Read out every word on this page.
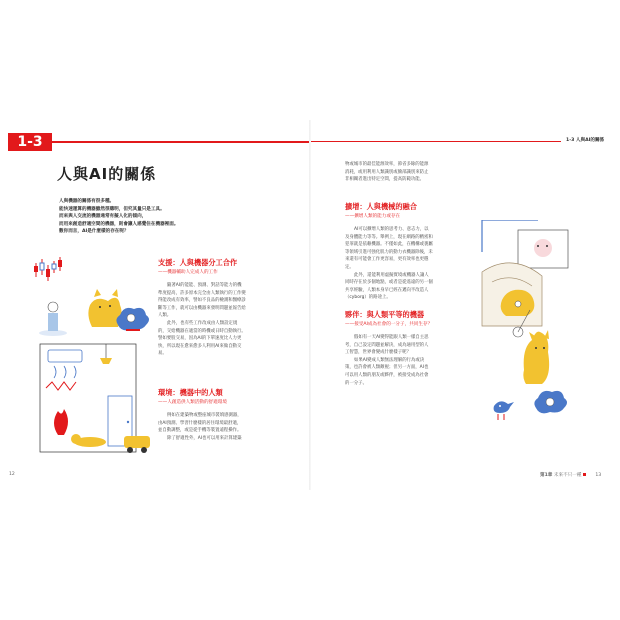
1-3
人與AI的關係
人與機器的關係有很多種。
能快速運算的機器雖然很聰明，但究其量只是工具。
而來與人交流的機器通常有擬人化的傾向，
而用來創造舒適空間的機器，則會讓人感覺住在機器裡面。
數你而言，AI是什麼樣的存在呢？
支援：人與機器分工合作
——機器輔助人完成人的工作
隨著AI的能能、預測、對話等能力的機
準度提高，許多原本完全由人類執行的工作變
得能改成有效率，譬如不良品的檢測和醫療診
斷等工作，就可以由機器來發明問題並報告給
人類。
此外，也有些工作改成由人類設定規
的，交給機器在適當的時機或日時自動執行。
譬如要股交易，因為AI的下單速度比人力更
快，所以現在愈來愈多人利用AI來做自動交
易。
環境：機器中的人類
——人創造供人類活動的舒適環境
例如在建築物或整座城市裝填感測器，
由AI預測、學習什麼樣的居住環境最舒適，
並自動調整，或是從手機等裝置遠程操作。
除了舒適性外，AI也可以用來計算建築
12
1-3 人與AI的關係
物或城市的最佳能源效率，節省多餘的能源
消耗，或用利用人類識別或臉部識別來防止
非相關者進出特定空間，提高防範功能。
擴增：人與機械的融合
——擴增人類的能力或存在
AI可以擴增人類的思考力、意志力，以
及身體能力等等。舉例上，現在網路的精密和
犯罪就是依賴機器。不僅如此，在機構或裏屬
等領域引進可強化肌力的動力衣機器除後，未
來還有可能會工作更容易，更有效率也更穩
定。
此外，還能利用虛擬實境或機器人讓人
同時存在於多個地點，或者是從遙遠的另一個
共享經驗，人類本身早已經在邁向半改造人
（cyborg）的路途上。
夥伴：與人類平等的機器
——接受AI成為社會的一分子，共同生存？
假如有一天AI變得能跟人類一樣自主思
考，自己設定問題並解決，成為通用型的人
工智慧，世界會變成什麼樣子呢？
如果AI變成人類無法理解的行為或決
策，也許會被人類敵視；但另一方面，AI也
可以用人類的朋友或夥伴，被接受成為社會
的一分子。
第1章 未來不只一種	13
